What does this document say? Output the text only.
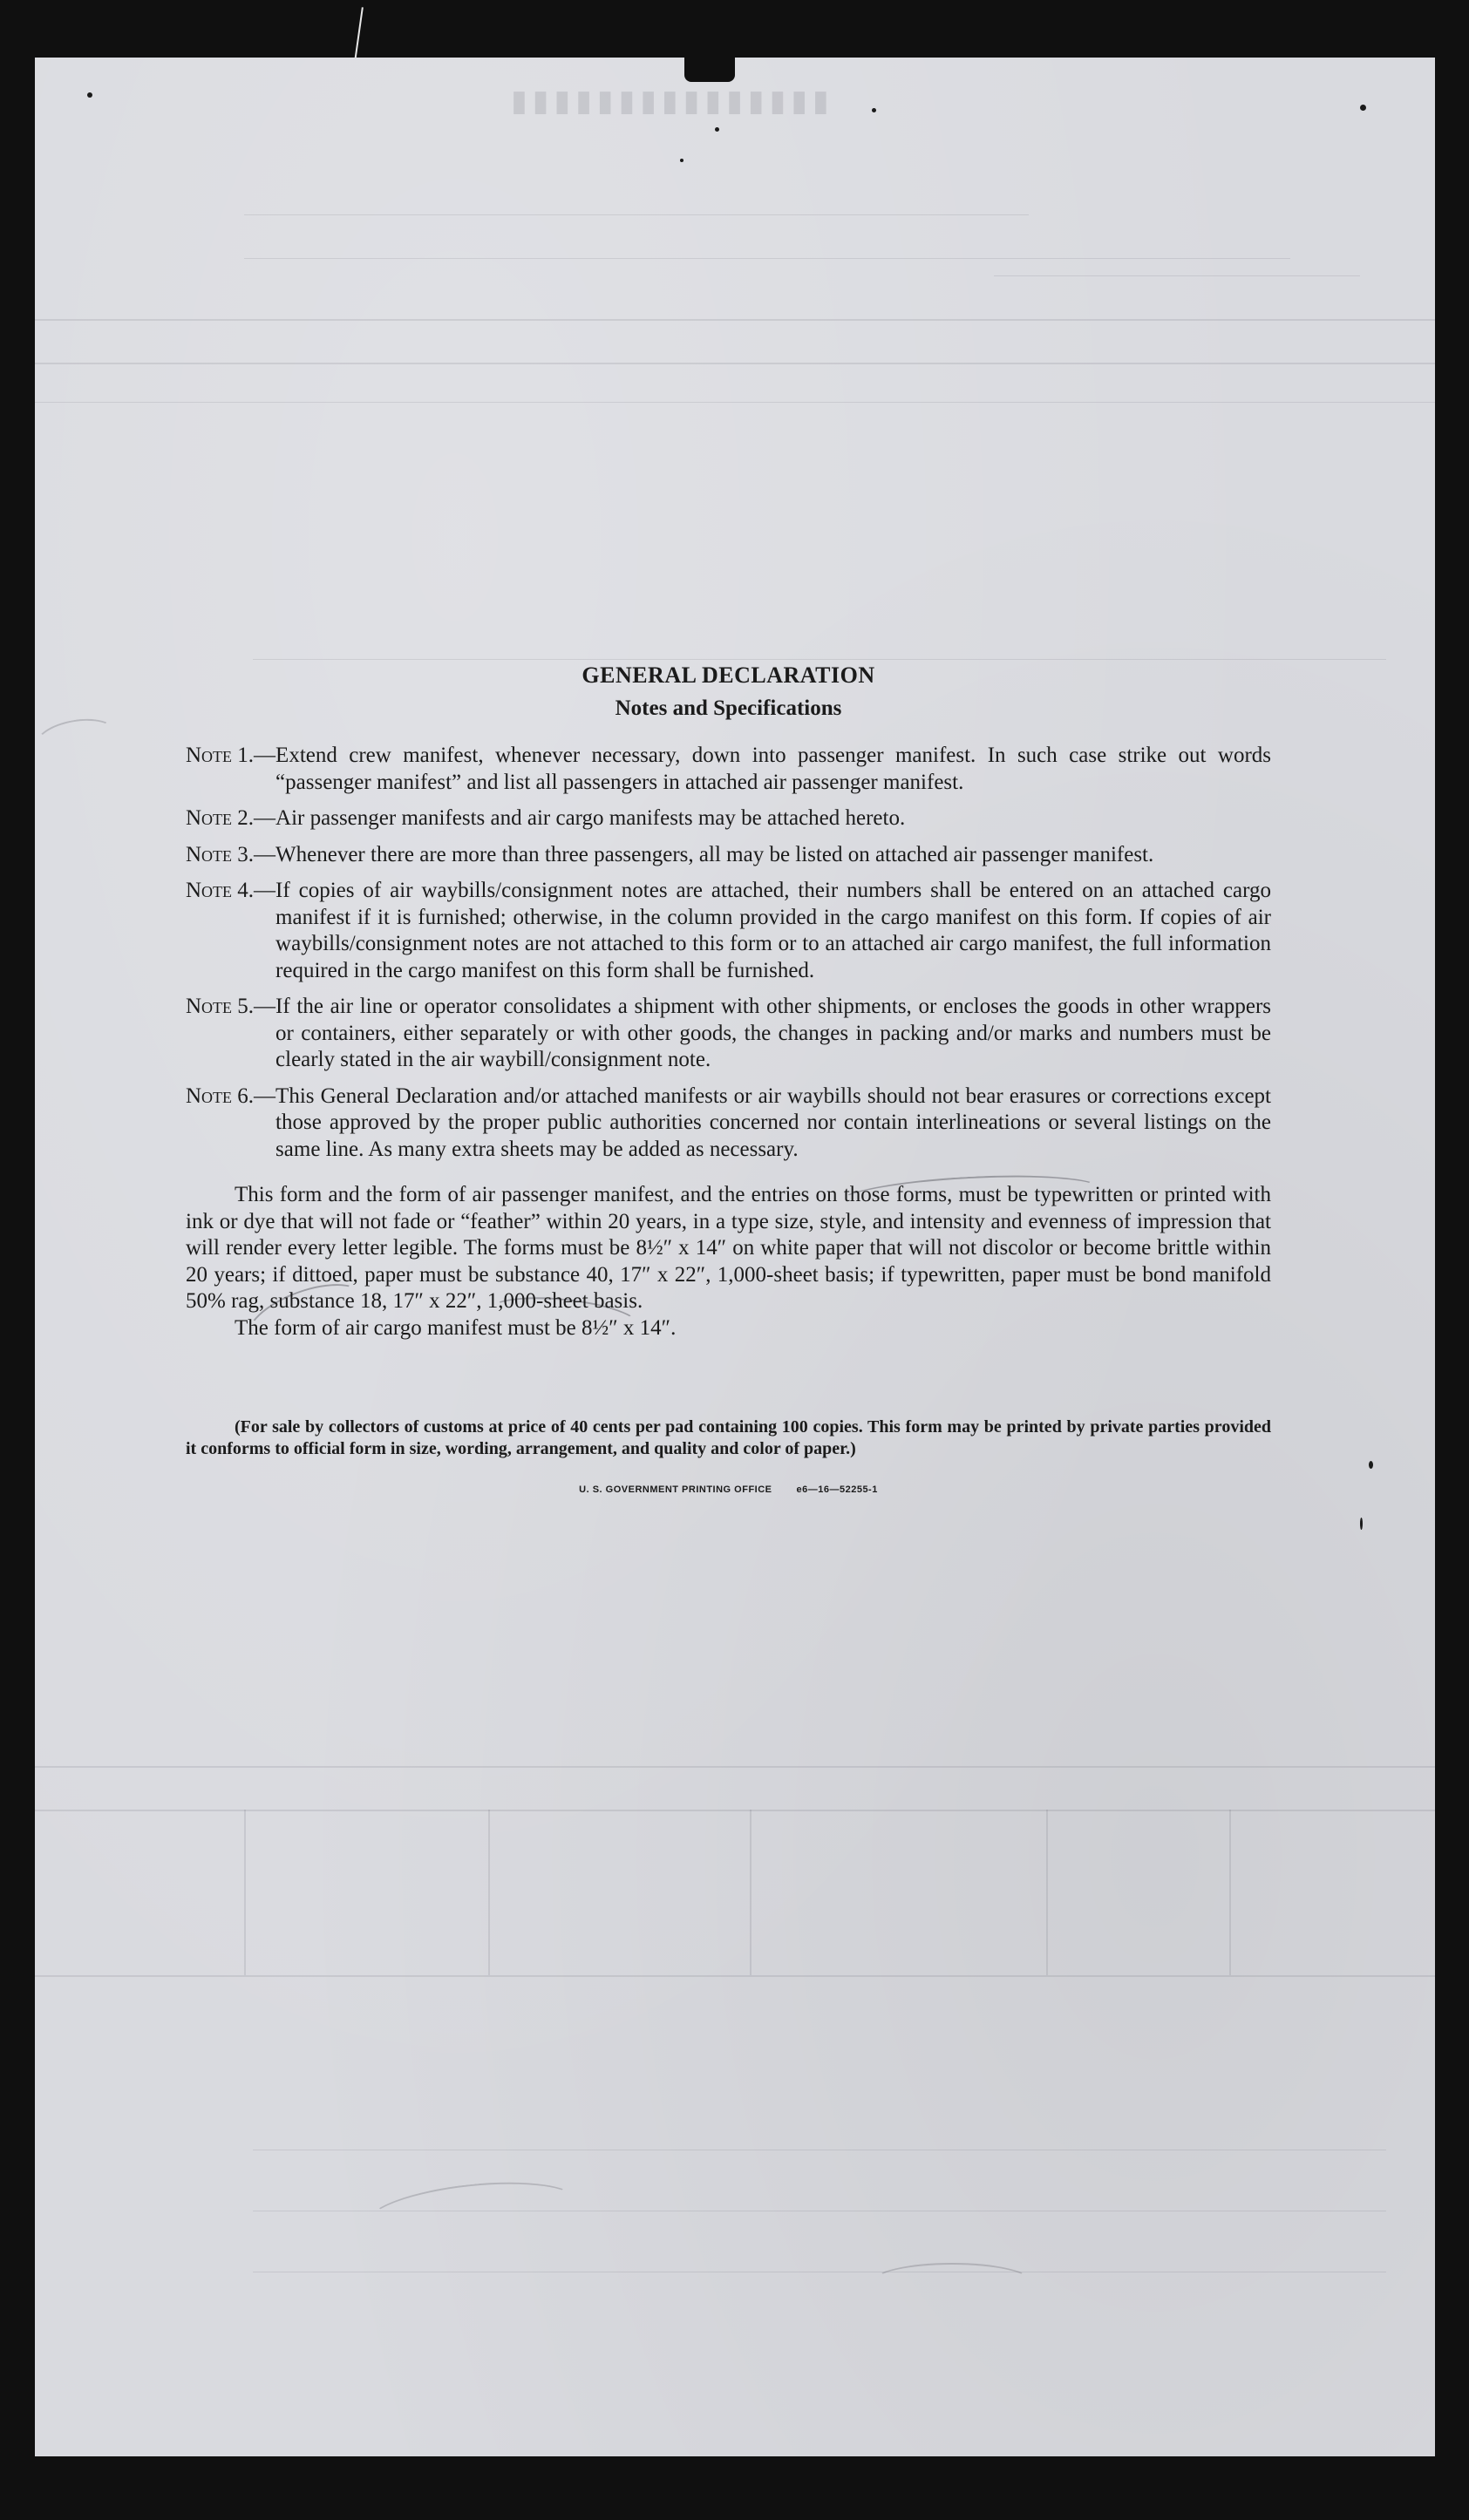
▮▮▮▮▮▮▮▮▮▮▮▮▮▮▮
GENERAL DECLARATION
Notes and Specifications
Note 1. — Extend crew manifest, whenever necessary, down into passenger manifest. In such case strike out words “passenger manifest” and list all passengers in attached air passenger manifest.
Note 2. — Air passenger manifests and air cargo manifests may be attached hereto.
Note 3. — Whenever there are more than three passengers, all may be listed on attached air passenger manifest.
Note 4. — If copies of air waybills/consignment notes are attached, their numbers shall be entered on an attached cargo manifest if it is furnished; otherwise, in the column provided in the cargo manifest on this form. If copies of air waybills/consignment notes are not attached to this form or to an attached air cargo manifest, the full information required in the cargo manifest on this form shall be furnished.
Note 5. — If the air line or operator consolidates a shipment with other shipments, or encloses the goods in other wrappers or containers, either separately or with other goods, the changes in packing and/or marks and numbers must be clearly stated in the air waybill/consignment note.
Note 6. — This General Declaration and/or attached manifests or air waybills should not bear erasures or corrections except those approved by the proper public authorities concerned nor contain interlineations or several listings on the same line. As many extra sheets may be added as necessary.

This form and the form of air passenger manifest, and the entries on those forms, must be typewritten or printed with ink or dye that will not fade or “feather” within 20 years, in a type size, style, and intensity and evenness of impression that will render every letter legible. The forms must be 8½″ x 14″ on white paper that will not discolor or become brittle within 20 years; if dittoed, paper must be substance 40, 17″ x 22″, 1,000-sheet basis; if typewritten, paper must be bond manifold 50% rag, substance 18, 17″ x 22″, 1,000-sheet basis.

The form of air cargo manifest must be 8½″ x 14″.

(For sale by collectors of customs at price of 40 cents per pad containing 100 copies. This form may be printed by private parties provided it conforms to official form in size, wording, arrangement, and quality and color of paper.)

U. S. GOVERNMENT PRINTING OFFICE	e6—16—52255-1
